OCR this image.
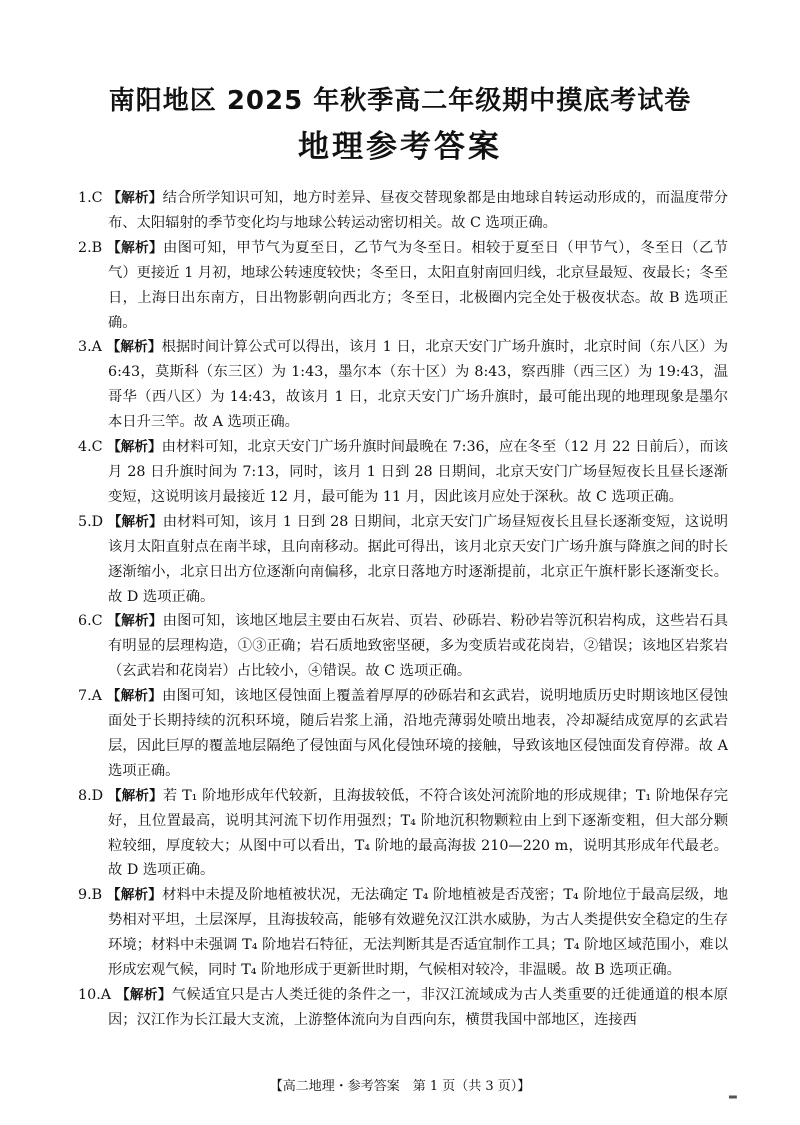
南阳地区 2025 年秋季高二年级期中摸底考试卷
地理参考答案

1.C 【解析】结合所学知识可知，地方时差异、昼夜交替现象都是由地球自转运动形成的，而温度带分布、太阳辐射的季节变化均与地球公转运动密切相关。故 C 选项正确。

2.B 【解析】由图可知，甲节气为夏至日，乙节气为冬至日。相较于夏至日（甲节气），冬至日（乙节气）更接近 1 月初，地球公转速度较快；冬至日，太阳直射南回归线，北京昼最短、夜最长；冬至日，上海日出东南方，日出物影朝向西北方；冬至日，北极圈内完全处于极夜状态。故 B 选项正确。

3.A 【解析】根据时间计算公式可以得出，该月 1 日，北京天安门广场升旗时，北京时间（东八区）为 6:43，莫斯科（东三区）为 1:43，墨尔本（东十区）为 8:43，察西腓（西三区）为 19:43，温哥华（西八区）为 14:43，故该月 1 日，北京天安门广场升旗时，最可能出现的地理现象是墨尔本日升三竿。故 A 选项正确。

4.C 【解析】由材料可知，北京天安门广场升旗时间最晚在 7:36，应在冬至（12 月 22 日前后），而该月 28 日升旗时间为 7:13，同时，该月 1 日到 28 日期间，北京天安门广场昼短夜长且昼长逐渐变短，这说明该月最接近 12 月，最可能为 11 月，因此该月应处于深秋。故 C 选项正确。

5.D 【解析】由材料可知，该月 1 日到 28 日期间，北京天安门广场昼短夜长且昼长逐渐变短，这说明该月太阳直射点在南半球，且向南移动。据此可得出，该月北京天安门广场升旗与降旗之间的时长逐渐缩小，北京日出方位逐渐向南偏移，北京日落地方时逐渐提前，北京正午旗杆影长逐渐变长。故 D 选项正确。

6.C 【解析】由图可知，该地区地层主要由石灰岩、页岩、砂砾岩、粉砂岩等沉积岩构成，这些岩石具有明显的层理构造，①③正确；岩石质地致密坚硬，多为变质岩或花岗岩，②错误；该地区岩浆岩（玄武岩和花岗岩）占比较小，④错误。故 C 选项正确。

7.A 【解析】由图可知，该地区侵蚀面上覆盖着厚厚的砂砾岩和玄武岩，说明地质历史时期该地区侵蚀面处于长期持续的沉积环境，随后岩浆上涌，沿地壳薄弱处喷出地表，冷却凝结成宽厚的玄武岩层，因此巨厚的覆盖地层隔绝了侵蚀面与风化侵蚀环境的接触，导致该地区侵蚀面发育停滞。故 A 选项正确。

8.D 【解析】若 T₁ 阶地形成年代较新，且海拔较低，不符合该处河流阶地的形成规律；T₁ 阶地保存完好，且位置最高，说明其河流下切作用强烈；T₄ 阶地沉积物颗粒由上到下逐渐变粗，但大部分颗粒较细，厚度较大；从图中可以看出，T₄ 阶地的最高海拔 210—220 m，说明其形成年代最老。故 D 选项正确。

9.B 【解析】材料中未提及阶地植被状况，无法确定 T₄ 阶地植被是否茂密；T₄ 阶地位于最高层级，地势相对平坦，土层深厚，且海拔较高，能够有效避免汉江洪水威胁，为古人类提供安全稳定的生存环境；材料中未强调 T₄ 阶地岩石特征，无法判断其是否适宜制作工具；T₄ 阶地区域范围小，难以形成宏观气候，同时 T₄ 阶地形成于更新世时期，气候相对较冷，非温暖。故 B 选项正确。

10.A 【解析】气候适宜只是古人类迁徙的条件之一，非汉江流域成为古人类重要的迁徙通道的根本原因；汉江作为长江最大支流，上游整体流向为自西向东，横贯我国中部地区，连接西

【高二地理・参考答案　第 1 页（共 3 页）】	▂
